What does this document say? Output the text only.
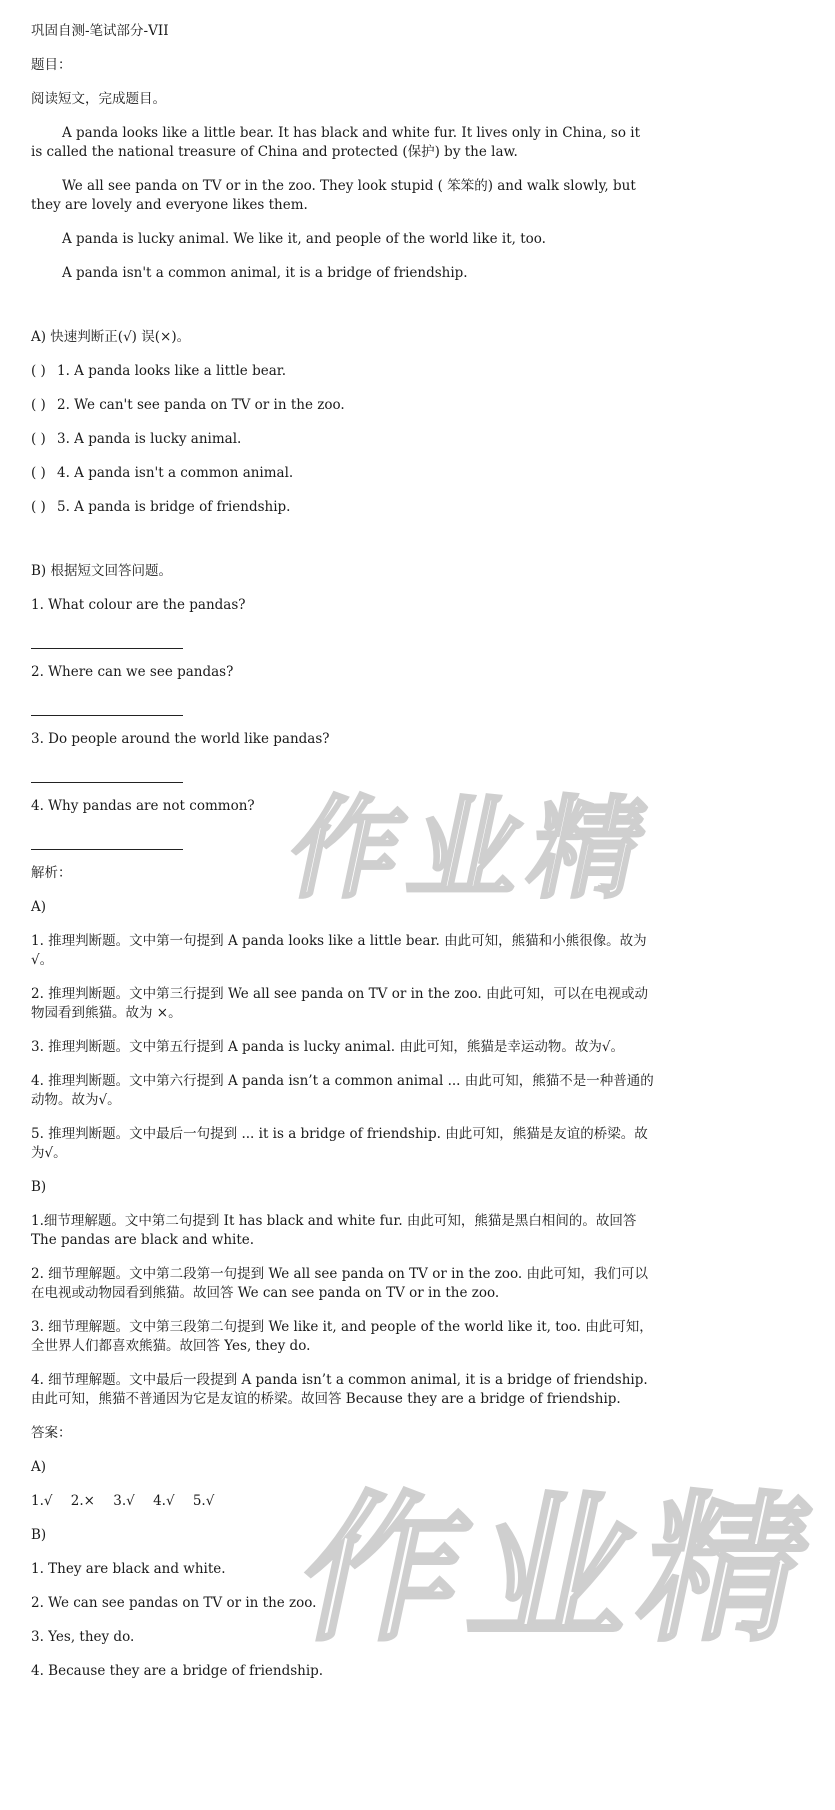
巩固自测-笔试部分-VII

题目：

阅读短文，完成题目。

A panda looks like a little bear. It has black and white fur. It lives only in China, so it is called the national treasure of China and protected (保护) by the law.

We all see panda on TV or in the zoo. They look stupid ( 笨笨的) and walk slowly, but they are lovely and everyone likes them.

A panda is lucky animal. We like it, and people of the world like it, too.

A panda isn't a common animal, it is a bridge of friendship.

A) 快速判断正(√) 误(×)。

( ) 1. A panda looks like a little bear.

( ) 2. We can't see panda on TV or in the zoo.

( ) 3. A panda is lucky animal.

( ) 4. A panda isn't a common animal.

( ) 5. A panda is bridge of friendship.

B) 根据短文回答问题。

1. What colour are the pandas?

2. Where can we see pandas?

3. Do people around the world like pandas?

4. Why pandas are not common?

解析：

A)

1. 推理判断题。文中第一句提到 A panda looks like a little bear. 由此可知，熊猫和小熊很像。故为√。

2. 推理判断题。文中第三行提到 We all see panda on TV or in the zoo. 由此可知，可以在电视或动物园看到熊猫。故为 ×。

3. 推理判断题。文中第五行提到 A panda is lucky animal. 由此可知，熊猫是幸运动物。故为√。

4. 推理判断题。文中第六行提到 A panda isn’t a common animal ... 由此可知，熊猫不是一种普通的动物。故为√。

5. 推理判断题。文中最后一句提到 ... it is a bridge of friendship. 由此可知，熊猫是友谊的桥梁。故为√。

B)

1.细节理解题。文中第二句提到 It has black and white fur. 由此可知，熊猫是黑白相间的。故回答 The pandas are black and white.

2. 细节理解题。文中第二段第一句提到 We all see panda on TV or in the zoo. 由此可知，我们可以在电视或动物园看到熊猫。故回答 We can see panda on TV or in the zoo.

3. 细节理解题。文中第三段第二句提到 We like it, and people of the world like it, too. 由此可知，全世界人们都喜欢熊猫。故回答 Yes, they do.

4. 细节理解题。文中最后一段提到 A panda isn’t a common animal, it is a bridge of friendship. 由此可知，熊猫不普通因为它是友谊的桥梁。故回答 Because they are a bridge of friendship.

答案：

A)

1.√ 2.× 3.√ 4.√ 5.√

B)

1. They are black and white.

2. We can see pandas on TV or in the zoo.

3. Yes, they do.

4. Because they are a bridge of friendship.

作业精
作业精
